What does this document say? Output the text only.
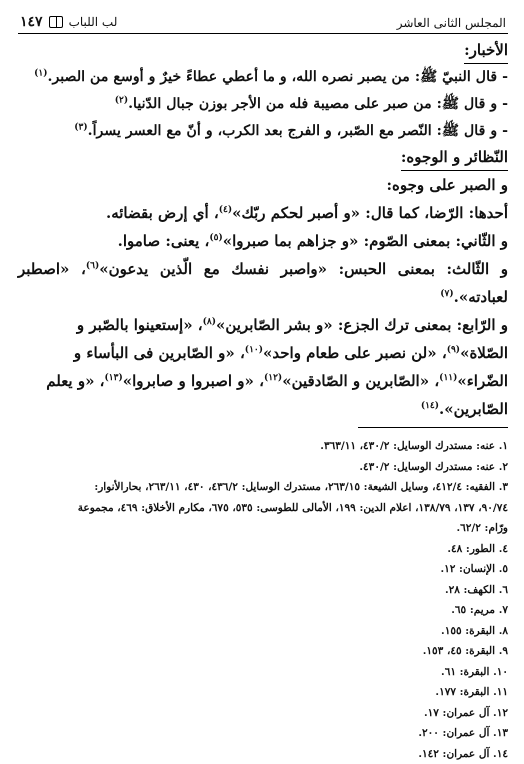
المجلس الثانى العاشر
١٤٧ لب اللباب
الأخبار:
- قال النبيّ ﷺ: من يصبر نصره الله، و ما أعطي عطاءً خيرٌ و أوسع من الصبر.$^{(١)}$
- و قال ﷺ: من صبر على مصيبة فله من الأجر بوزن جبال الدّنيا.$^{(٢)}$
- و قال ﷺ: النّصر مع الصّبر، و الفرج بعد الكرب، و أنّ مع العسر يسراً.$^{(٣)}$
النّظائر و الوجوه:
و الصبر على وجوه:
أحدها: الرّضا، كما قال: «و أصبر لحكم ربّك»$^{(٤)}$، أي إرض بقضائه.
و الثّاني: بمعنى الصّوم: «و جزاهم بما صبروا»$^{(٥)}$، يعنى: صاموا.
و الثّالث: بمعنى الحبس: «واصبر نفسك مع الّذين يدعون»$^{(٦)}$، «اصطبر لعبادته».$^{(٧)}$
و الرّابع: بمعنى ترك الجزع: «و بشر الصّابرين»$^{(٨)}$، «إستعينوا بالصّبر و
الصّلاة»$^{(٩)}$، «لن نصبر على طعام واحد»$^{(١٠)}$، «و الصّابرين فى البأساء و
الضّراء»$^{(١١)}$، «الصّابرين و الصّادقين»$^{(١٢)}$، «و اصبروا و صابروا»$^{(١٣)}$، «و يعلم
الصّابرين».$^{(١٤)}$
١. عنه: مستدرك الوسايل: ٤٣٠/٢، ٣٦٣/١١.
٢. عنه: مستدرك الوسايل: ٤٣٠/٢.
٣. الفقيه: ٤١٢/٤، وسايل الشيعة: ٢٦٣/١٥، مستدرك الوسايل: ٤٣٦/٢، ٤٣٠، ٢٦٣/١١، بحارالأنوار:
٩٠/٧٤، ١٣٧، ١٣٨/٧٩، اعلام الدين: ١٩٩، الأمالى للطوسى: ٥٣٥، ٦٧٥، مكارم الأخلاق: ٤٦٩، مجموعة
ورّام: ٦٢/٢.
٤. الطور: ٤٨.
٥. الإنسان: ١٢.
٦. الكهف: ٢٨.
٧. مريم: ٦٥.
٨. البقرة: ١٥٥.
٩. البقرة: ٤٥، ١٥٣.
١٠. البقرة: ٦١.
١١. البقرة: ١٧٧.
١٢. آل عمران: ١٧.
١٣. آل عمران: ٢٠٠.
١٤. آل عمران: ١٤٢.
